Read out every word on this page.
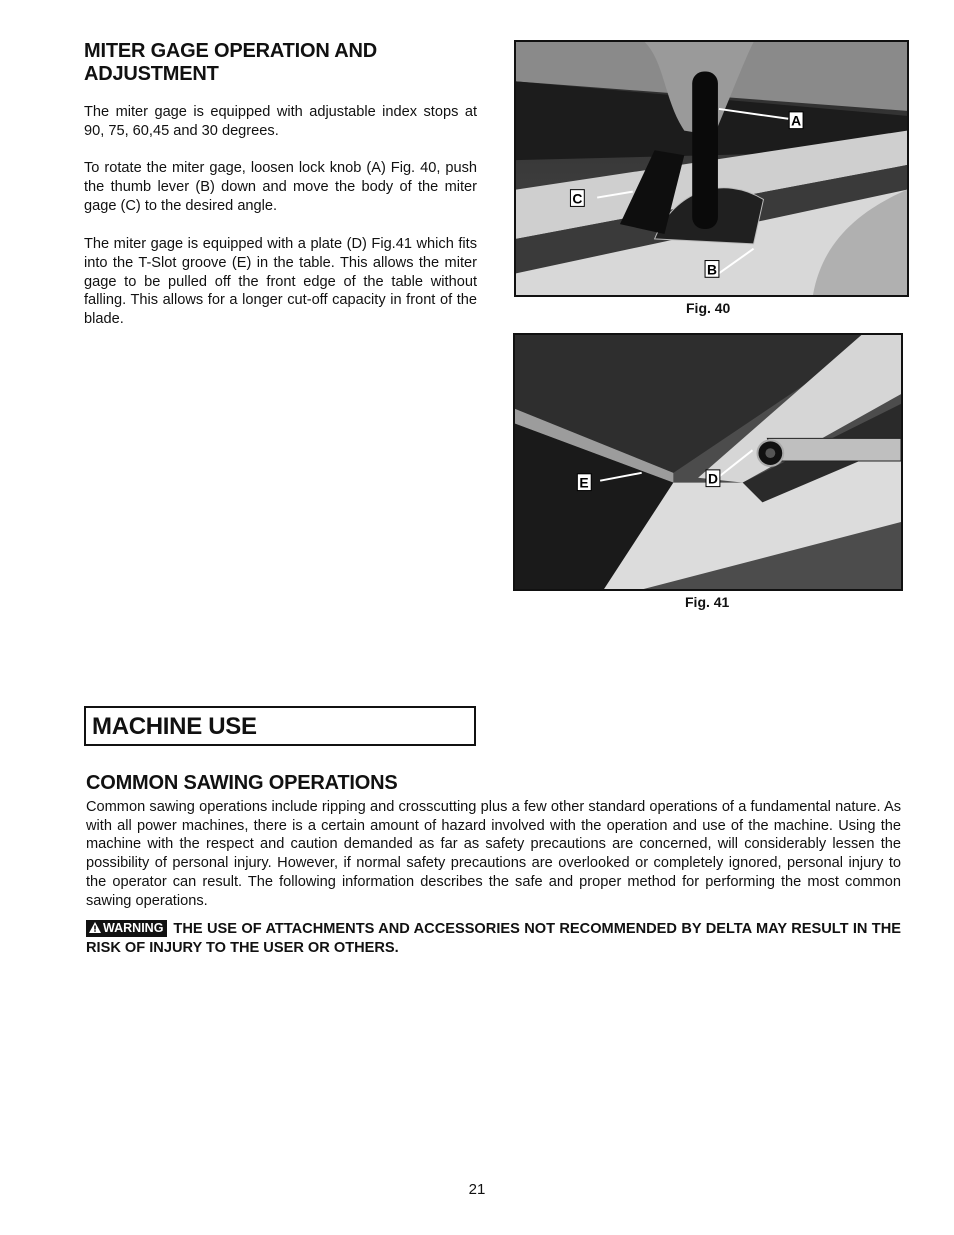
MITER GAGE OPERATION AND ADJUSTMENT

The miter gage is equipped with adjustable index stops at 90, 75, 60,45 and 30 degrees.

To rotate the miter gage, loosen lock knob (A) Fig. 40, push the thumb lever (B) down and move the body of the miter gage (C) to the desired angle.

The miter gage is equipped with a plate (D) Fig.41 which fits into the T-Slot groove (E) in the table. This allows the miter gage to be pulled off the front edge of the table without falling. This allows for a longer cut-off capacity in front of the blade.

A
C
B
Fig. 40
E	D
Fig. 41
MACHINE USE
COMMON SAWING OPERATIONS

Common sawing operations include ripping and crosscutting plus a few other standard operations of a fundamental nature. As with all power machines, there is a certain amount of hazard involved with the operation and use of the machine. Using the machine with the respect and caution demanded as far as safety precautions are concerned, will considerably lessen the possibility of personal injury. However, if normal safety precautions are overlooked or completely ignored, personal injury to the operator can result. The following information describes the safe and proper method for performing the most common sawing operations.

WARNING THE USE OF ATTACHMENTS AND ACCESSORIES NOT RECOMMENDED BY DELTA MAY RESULT IN THE RISK OF INJURY TO THE USER OR OTHERS.

21
